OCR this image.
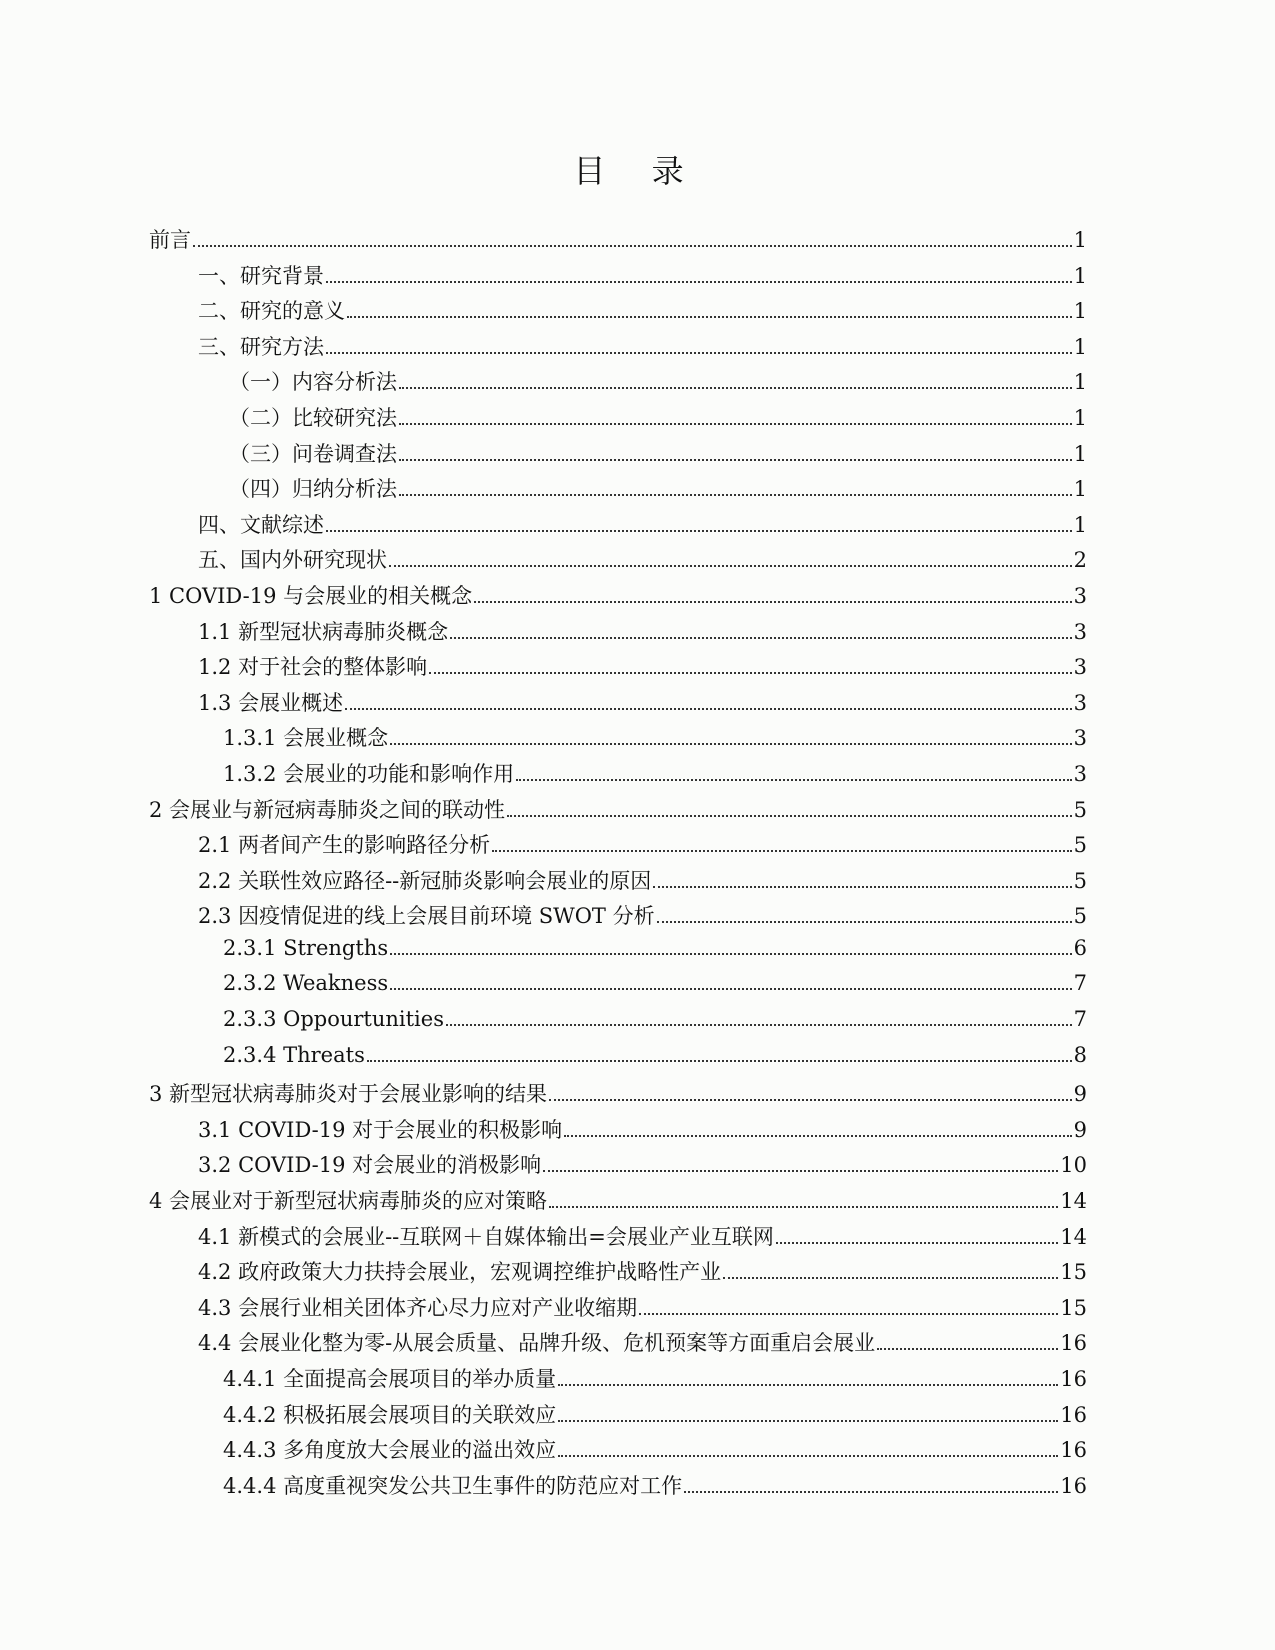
目 录
前言	1
一、研究背景	1
二、研究的意义	1
三、研究方法	1
（一）内容分析法	1
（二）比较研究法	1
（三）问卷调查法	1
（四）归纳分析法	1
四、文献综述	1
五、国内外研究现状	2
1 COVID-19 与会展业的相关概念	3
1.1 新型冠状病毒肺炎概念	3
1.2 对于社会的整体影响	3
1.3 会展业概述	3
1.3.1 会展业概念	3
1.3.2 会展业的功能和影响作用	3
2 会展业与新冠病毒肺炎之间的联动性	5
2.1 两者间产生的影响路径分析	5
2.2 关联性效应路径--新冠肺炎影响会展业的原因	5
2.3 因疫情促进的线上会展目前环境 SWOT 分析	5
2.3.1 Strengths	6
2.3.2 Weakness	7
2.3.3 Oppourtunities	7
2.3.4 Threats	8
3 新型冠状病毒肺炎对于会展业影响的结果	9
3.1 COVID-19 对于会展业的积极影响	9
3.2 COVID-19 对会展业的消极影响	10
4 会展业对于新型冠状病毒肺炎的应对策略	14
4.1 新模式的会展业--互联网＋自媒体输出=会展业产业互联网	14
4.2 政府政策大力扶持会展业，宏观调控维护战略性产业	15
4.3 会展行业相关团体齐心尽力应对产业收缩期	15
4.4 会展业化整为零-从展会质量、品牌升级、危机预案等方面重启会展业	16
4.4.1 全面提高会展项目的举办质量	16
4.4.2 积极拓展会展项目的关联效应	16
4.4.3 多角度放大会展业的溢出效应	16
4.4.4 高度重视突发公共卫生事件的防范应对工作	16
